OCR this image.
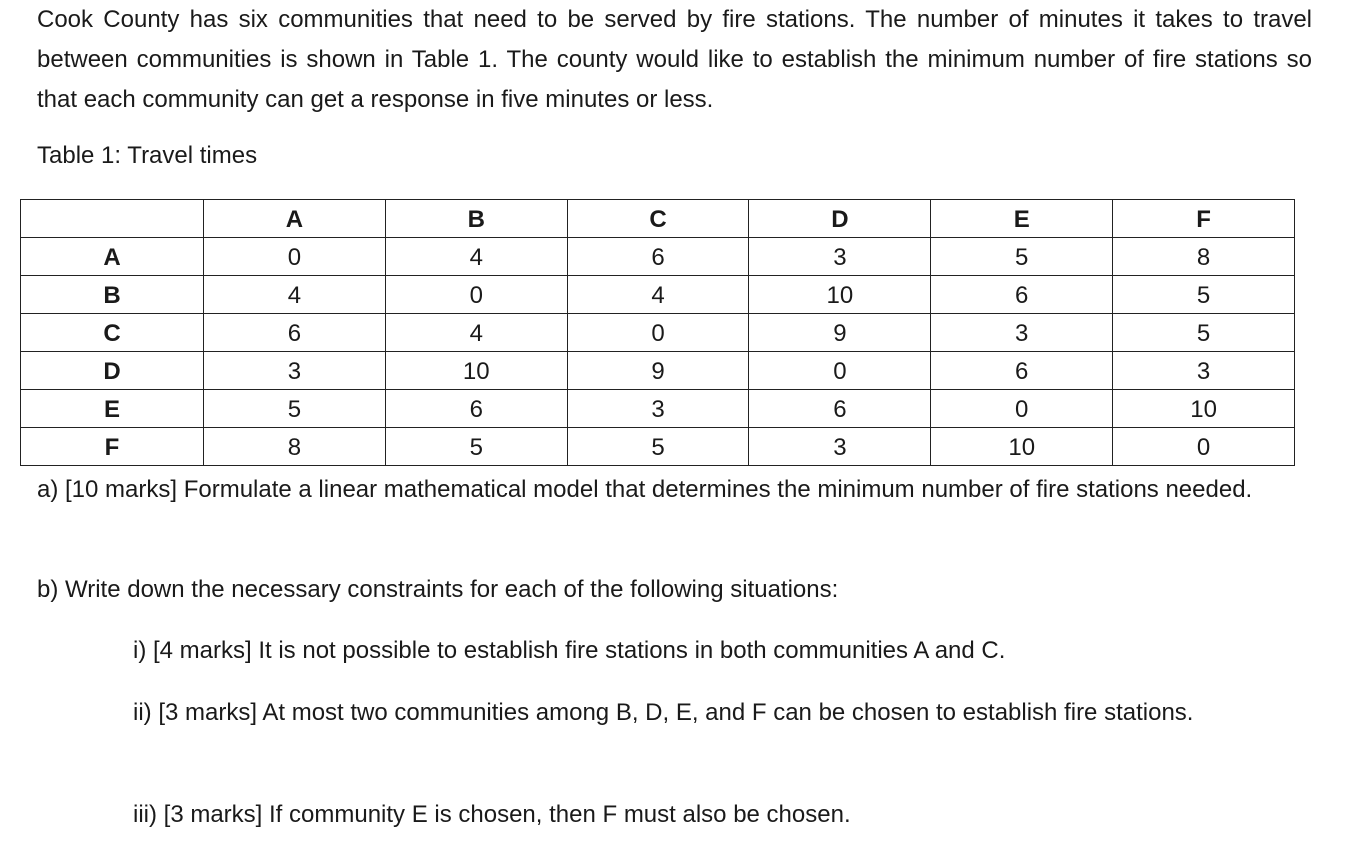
Cook County has six communities that need to be served by fire stations. The number of minutes it takes to travel between communities is shown in Table 1. The county would like to establish the minimum number of fire stations so that each community can get a response in five minutes or less.

Table 1: Travel times
	A	B	C	D	E	F
A	0	4	6	3	5	8
B	4	0	4	10	6	5
C	6	4	0	9	3	5
D	3	10	9	0	6	3
E	5	6	3	6	0	10
F	8	5	5	3	10	0

a) [10 marks] Formulate a linear mathematical model that determines the minimum number of fire stations needed.

b) Write down the necessary constraints for each of the following situations:

i) [4 marks] It is not possible to establish fire stations in both communities A and C.

ii) [3 marks] At most two communities among B, D, E, and F can be chosen to establish fire stations.

iii) [3 marks] If community E is chosen, then F must also be chosen.
